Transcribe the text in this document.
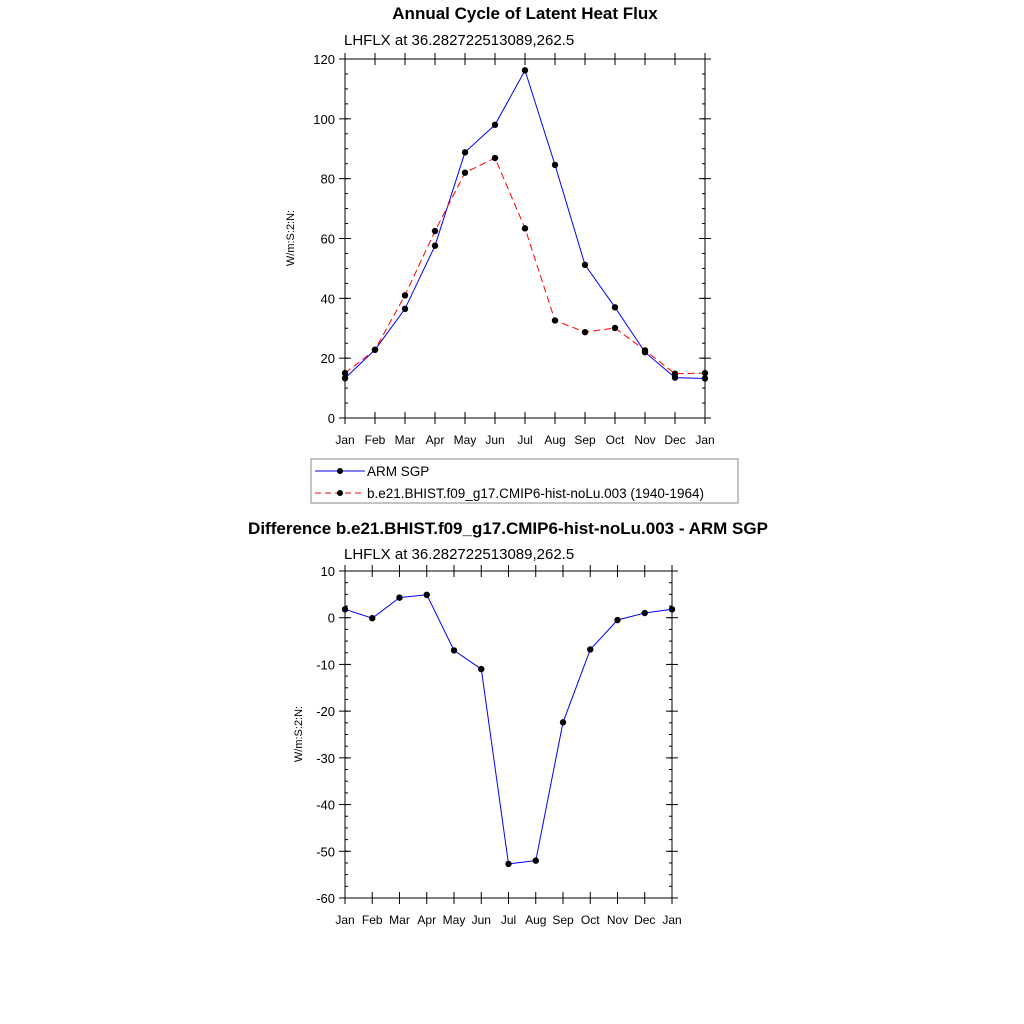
Annual Cycle of Latent Heat Flux
LHFLX at 36.282722513089,262.5
W/m:S:2:N:
0
20
40
60
80
100
120
Jan Feb Mar Apr May Jun Jul Aug Sep Oct Nov Dec Jan
ARM SGP
b.e21.BHIST.f09_g17.CMIP6-hist-noLu.003 (1940-1964)
Difference b.e21.BHIST.f09_g17.CMIP6-hist-noLu.003 - ARM SGP
LHFLX at 36.282722513089,262.5
W/m:S:2:N:
-60
-50
-40
-30
-20
-10
0
10
Jan Feb Mar Apr May Jun Jul Aug Sep Oct Nov Dec Jan
